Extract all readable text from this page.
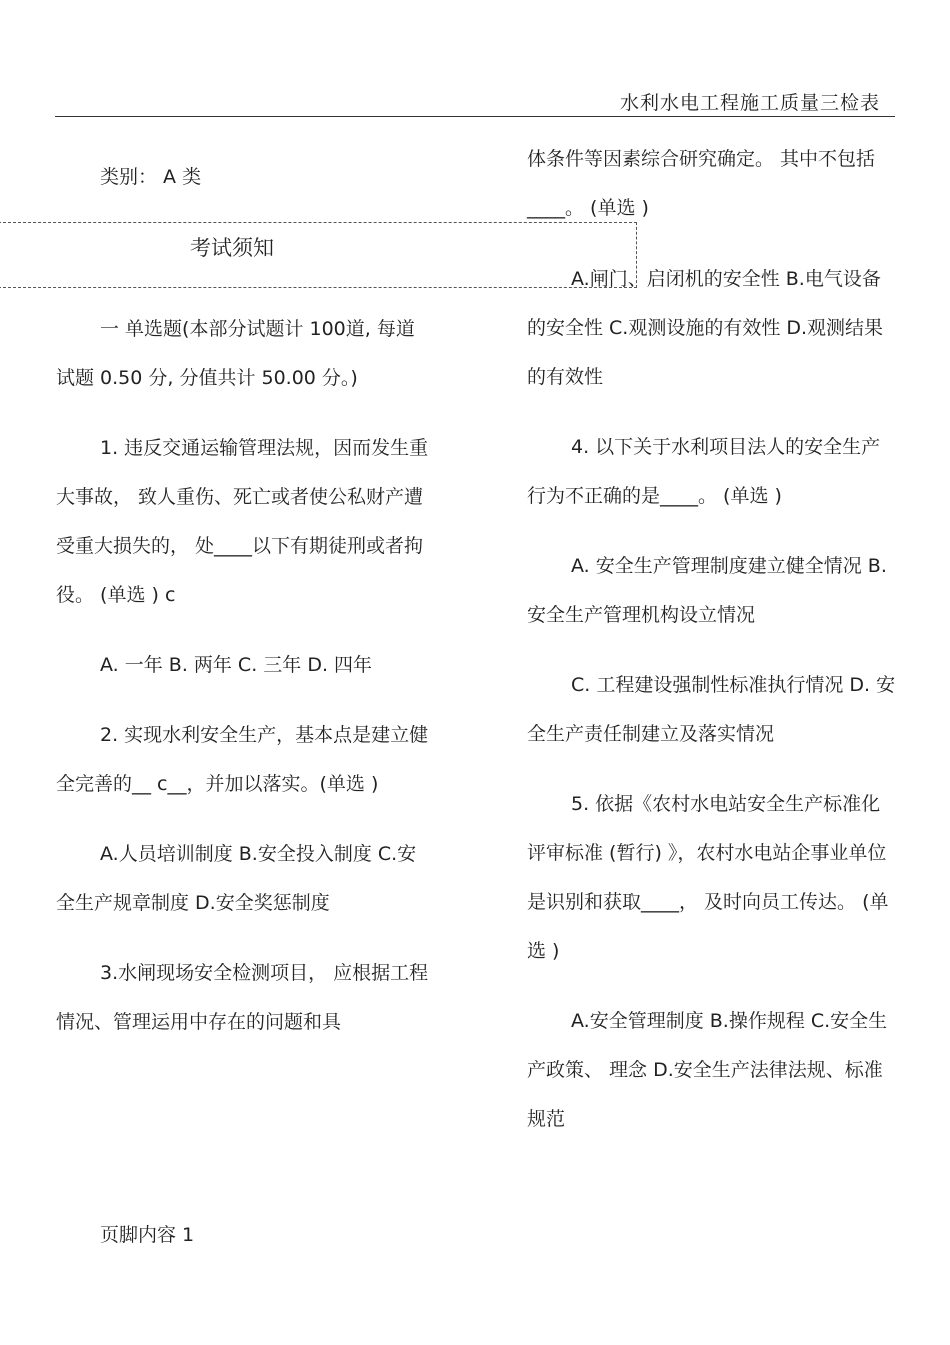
水利水电工程施工质量三检表
考试须知

类别： A 类

一 单选题(本部分试题计 100道, 每道试题 0.50 分, 分值共计 50.00 分。)

1. 违反交通运输管理法规，因而发生重大事故， 致人重伤、死亡或者使公私财产遭受重大损失的， 处____以下有期徒刑或者拘役。 (单选 ) c

A. 一年 B. 两年 C. 三年 D. 四年

2. 实现水利安全生产，基本点是建立健全完善的__ c__，并加以落实。(单选 )

A.人员培训制度 B.安全投入制度 C.安全生产规章制度 D.安全奖惩制度

3.水闸现场安全检测项目， 应根据工程情况、管理运用中存在的问题和具

体条件等因素综合研究确定。 其中不包括____。 (单选 )

A.闸门、启闭机的安全性 B.电气设备的安全性 C.观测设施的有效性 D.观测结果的有效性

4. 以下关于水利项目法人的安全生产行为不正确的是____。 (单选 )

A. 安全生产管理制度建立健全情况 B. 安全生产管理机构设立情况

C. 工程建设强制性标准执行情况 D. 安全生产责任制建立及落实情况

5. 依据《农村水电站安全生产标准化评审标准 (暂行) 》，农村水电站企事业单位是识别和获取____， 及时向员工传达。 (单选 )

A.安全管理制度 B.操作规程 C.安全生产政策、 理念 D.安全生产法律法规、标准规范

页脚内容 1
